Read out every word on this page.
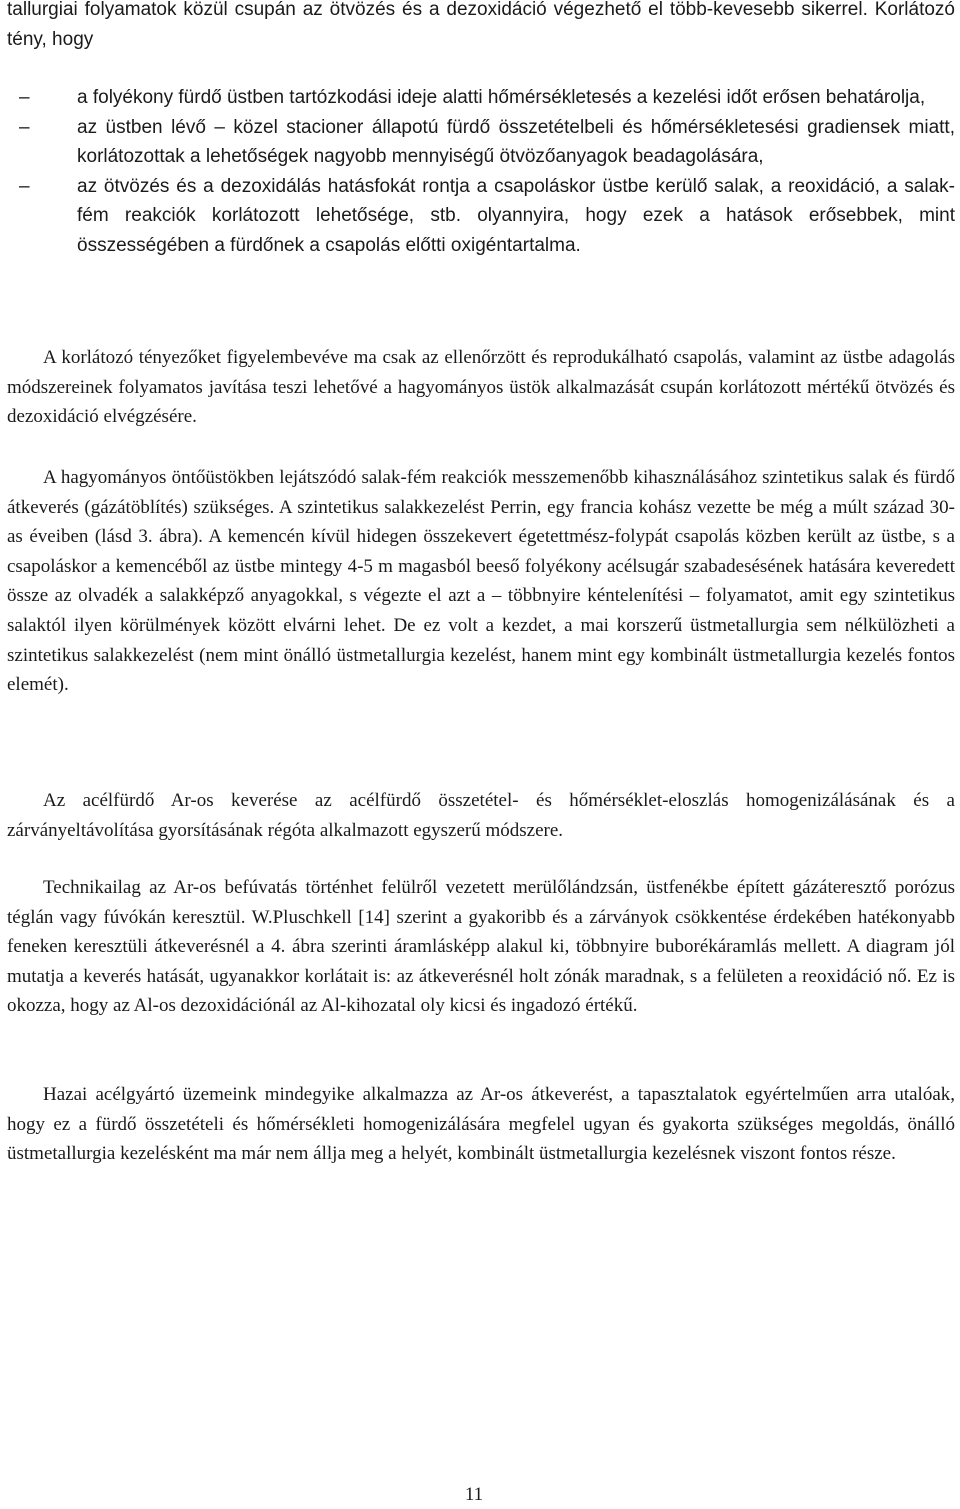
tallurgiai folyamatok közül csupán az ötvözés és a dezoxidáció végezhető el több-kevesebb sikerrel. Korlátozó tény, hogy

–	a folyékony fürdő üstben tartózkodási ideje alatti hőmérsékletesés a kezelési időt erősen behatárolja,
–	az üstben lévő – közel stacioner állapotú fürdő összetételbeli és hőmérsékletesési gradiensek miatt, korlátozottak a lehetőségek nagyobb mennyiségű ötvözőanyagok beadagolására,
–	az ötvözés és a dezoxidálás hatásfokát rontja a csapoláskor üstbe kerülő salak, a reoxidáció, a salak-fém reakciók korlátozott lehetősége, stb. olyannyira, hogy ezek a hatások erősebbek, mint összességében a fürdőnek a csapolás előtti oxigéntartalma.

A korlátozó tényezőket figyelembevéve ma csak az ellenőrzött és reprodukálható csapolás, valamint az üstbe adagolás módszereinek folyamatos javítása teszi lehetővé a hagyományos üstök alkalmazását csupán korlátozott mértékű ötvözés és dezoxidáció elvégzésére.

A hagyományos öntőüstökben lejátszódó salak-fém reakciók messzemenőbb kihasználásához szintetikus salak és fürdő átkeverés (gázátöblítés) szükséges. A szintetikus salakkezelést Perrin, egy francia kohász vezette be még a múlt század 30-as éveiben (lásd 3. ábra). A kemencén kívül hidegen összekevert égetettmész-folypát csapolás közben került az üstbe, s a csapoláskor a kemencéből az üstbe mintegy 4-5 m magasból beeső folyékony acélsugár szabadesésének hatására keveredett össze az olvadék a salakképző anyagokkal, s végezte el azt a – többnyire kéntelenítési – folyamatot, amit egy szintetikus salaktól ilyen körülmények között elvárni lehet. De ez volt a kezdet, a mai korszerű üstmetallurgia sem nélkülözheti a szintetikus salakkezelést (nem mint önálló üstmetallurgia kezelést, hanem mint egy kombinált üstmetallurgia kezelés fontos elemét).

Az acélfürdő Ar-os keverése az acélfürdő összetétel- és hőmérséklet-eloszlás homogenizálásának és a zárványeltávolítása gyorsításának régóta alkalmazott egyszerű módszere.

Technikailag az Ar-os befúvatás történhet felülről vezetett merülőlándzsán, üstfenékbe épített gázáteresztő porózus téglán vagy fúvókán keresztül. W.Pluschkell [14] szerint a gyakoribb és a zárványok csökkentése érdekében hatékonyabb feneken keresztüli átkeverésnél a 4. ábra szerinti áramlásképp alakul ki, többnyire buborékáramlás mellett. A diagram jól mutatja a keverés hatását, ugyanakkor korlátait is: az átkeverésnél holt zónák maradnak, s a felületen a reoxidáció nő. Ez is okozza, hogy az Al-os dezoxidációnál az Al-kihozatal oly kicsi és ingadozó értékű.

Hazai acélgyártó üzemeink mindegyike alkalmazza az Ar-os átkeverést, a tapasztalatok egyértelműen arra utalóak, hogy ez a fürdő összetételi és hőmérsékleti homogenizálására megfelel ugyan és gyakorta szükséges megoldás, önálló üstmetallurgia kezelésként ma már nem állja meg a helyét, kombinált üstmetallurgia kezelésnek viszont fontos része.

11
